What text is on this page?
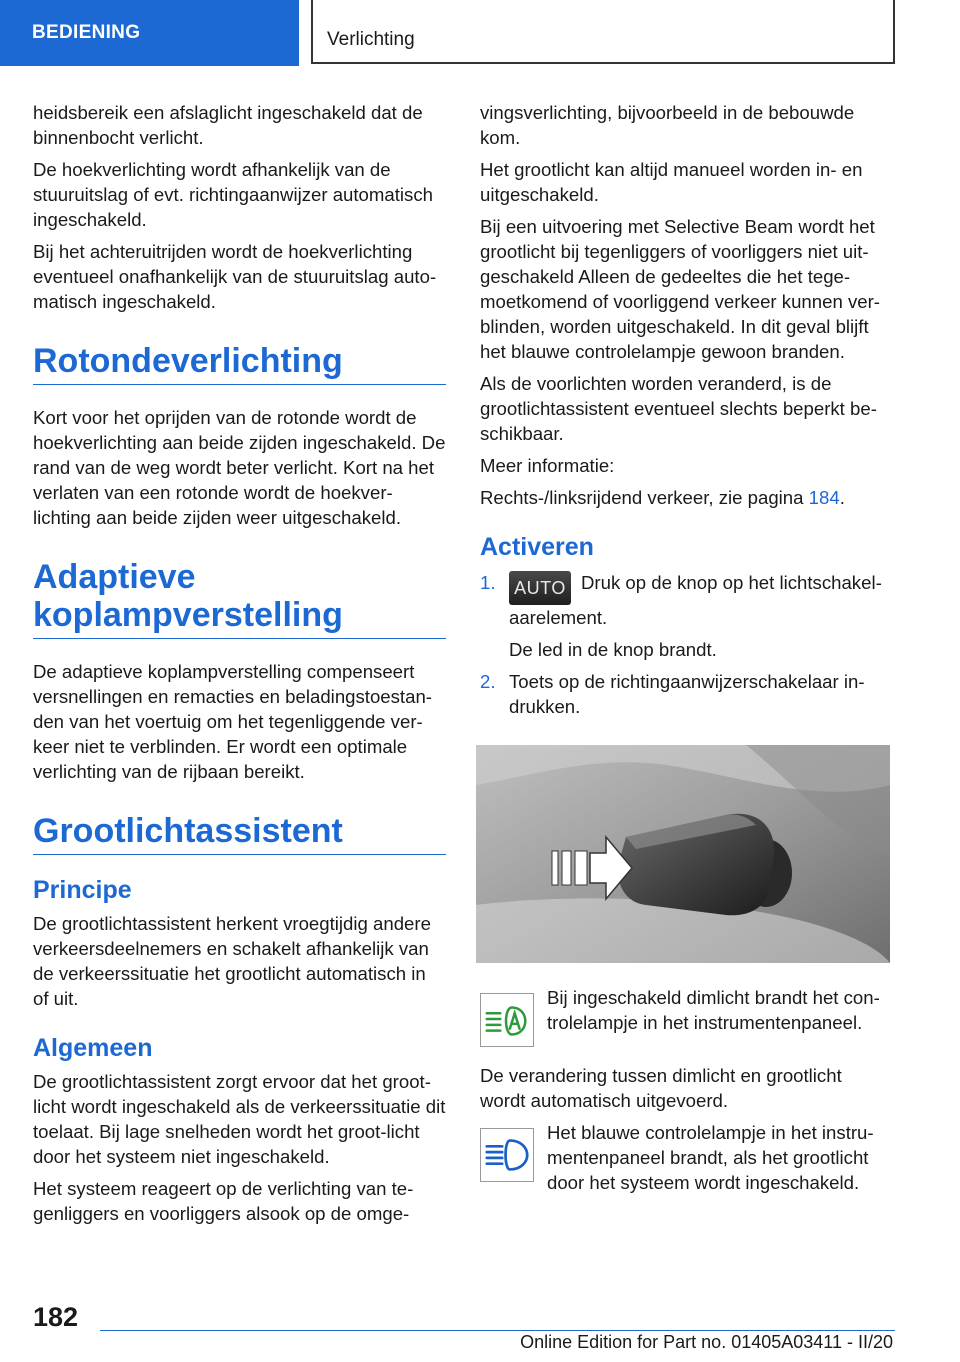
BEDIENING	Verlichting

heidsbereik een afslaglicht ingeschakeld dat de binnenbocht verlicht.

De hoekverlichting wordt afhankelijk van de stuuruitslag of evt. richtingaanwijzer automatisch ingeschakeld.

Bij het achteruitrijden wordt de hoekverlichting eventueel onafhankelijk van de stuuruitslag auto-matisch ingeschakeld.

Rotondeverlichting

Kort voor het oprijden van de rotonde wordt de hoekverlichting aan beide zijden ingeschakeld. De rand van de weg wordt beter verlicht. Kort na het verlaten van een rotonde wordt de hoekver-lichting aan beide zijden weer uitgeschakeld.

Adaptieve koplampverstelling

De adaptieve koplampverstelling compenseert versnellingen en remacties en beladingstoestan-den van het voertuig om het tegenliggende ver-keer niet te verblinden. Er wordt een optimale verlichting van de rijbaan bereikt.

Grootlichtassistent
Principe

De grootlichtassistent herkent vroegtijdig andere verkeersdeelnemers en schakelt afhankelijk van de verkeerssituatie het grootlicht automatisch in of uit.

Algemeen

De grootlichtassistent zorgt ervoor dat het groot-licht wordt ingeschakeld als de verkeerssituatie dit toelaat. Bij lage snelheden wordt het groot-licht door het systeem niet ingeschakeld.

Het systeem reageert op de verlichting van te-genliggers en voorliggers alsook op de omge-

vingsverlichting, bijvoorbeeld in de bebouwde kom.

Het grootlicht kan altijd manueel worden in- en uitgeschakeld.

Bij een uitvoering met Selective Beam wordt het grootlicht bij tegenliggers of voorliggers niet uit-geschakeld Alleen de gedeeltes die het tege-moetkomend of voorliggend verkeer kunnen ver-blinden, worden uitgeschakeld. In dit geval blijft het blauwe controlelampje gewoon branden.

Als de voorlichten worden veranderd, is de grootlichtassistent eventueel slechts beperkt be-schikbaar.

Meer informatie:

Rechts-/linksrijdend verkeer, zie pagina 184.

Activeren
1. AUTO Druk op de knop op het lichtschakel-aarelement.
De led in de knop brandt.
2. Toets op de richtingaanwijzerschakelaar in-drukken.
Bij ingeschakeld dimlicht brandt het con-trolelampje in het instrumentenpaneel.

De verandering tussen dimlicht en grootlicht wordt automatisch uitgevoerd.

Het blauwe controlelampje in het instru-mentenpaneel brandt, als het grootlicht door het systeem wordt ingeschakeld.
182
Online Edition for Part no. 01405A03411 - II/20
